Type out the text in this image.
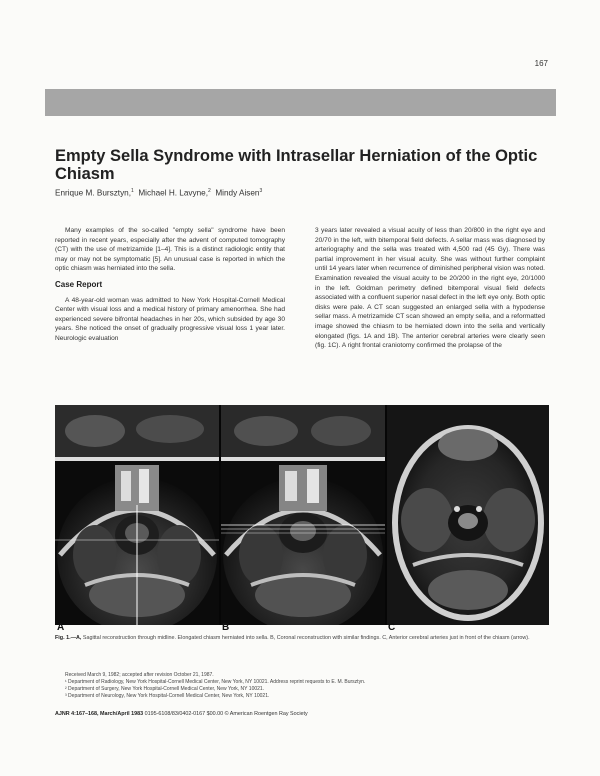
167
Empty Sella Syndrome with Intrasellar Herniation of the Optic Chiasm
Enrique M. Bursztyn,$^1$ Michael H. Lavyne,$^2$ Mindy Aisen$^3$

Many examples of the so-called "empty sella" syndrome have been reported in recent years, especially after the advent of computed tomography (CT) with the use of metrizamide [1–4]. This is a distinct radiologic entity that may or may not be symptomatic [5]. An unusual case is reported in which the optic chiasm was herniated into the sella.

Case Report

A 48-year-old woman was admitted to New York Hospital-Cornell Medical Center with visual loss and a medical history of primary amenorrhea. She had experienced severe bifrontal headaches in her 20s, which subsided by age 30 years. She noticed the onset of gradually progressive visual loss 1 year later. Neurologic evaluation

3 years later revealed a visual acuity of less than 20/800 in the right eye and 20/70 in the left, with bitemporal field defects. A sellar mass was diagnosed by arteriography and the sella was treated with 4,500 rad (45 Gy). There was partial improvement in her visual acuity. She was without further complaint until 14 years later when recurrence of diminished peripheral vision was noted. Examination revealed the visual acuity to be 20/200 in the right eye, 20/1000 in the left. Goldman perimetry defined bitemporal visual field defects associated with a confluent superior nasal defect in the left eye only. Both optic disks were pale. A CT scan suggested an enlarged sella with a hypodense sellar mass. A metrizamide CT scan showed an empty sella, and a reformatted image showed the chiasm to be herniated down into the sella and vertically elongated (figs. 1A and 1B). The anterior cerebral arteries were clearly seen (fig. 1C). A right frontal craniotomy confirmed the prolapse of the

A	B	C
Fig. 1.—A, Sagittal reconstruction through midline. Elongated chiasm herniated into sella. B, Coronal reconstruction with similar findings. C, Anterior cerebral arteries just in front of the chiasm (arrow).

Received March 9, 1982; accepted after revision October 21, 1987.

¹ Department of Radiology, New York Hospital-Cornell Medical Center, New York, NY 10021. Address reprint requests to E. M. Bursztyn.

² Department of Surgery, New York Hospital-Cornell Medical Center, New York, NY 10021.

³ Department of Neurology, New York Hospital-Cornell Medical Center, New York, NY 10021.

AJNR 4:167–168, March/April 1983 0195-6108/83/0402-0167 $00.00 © American Roentgen Ray Society
